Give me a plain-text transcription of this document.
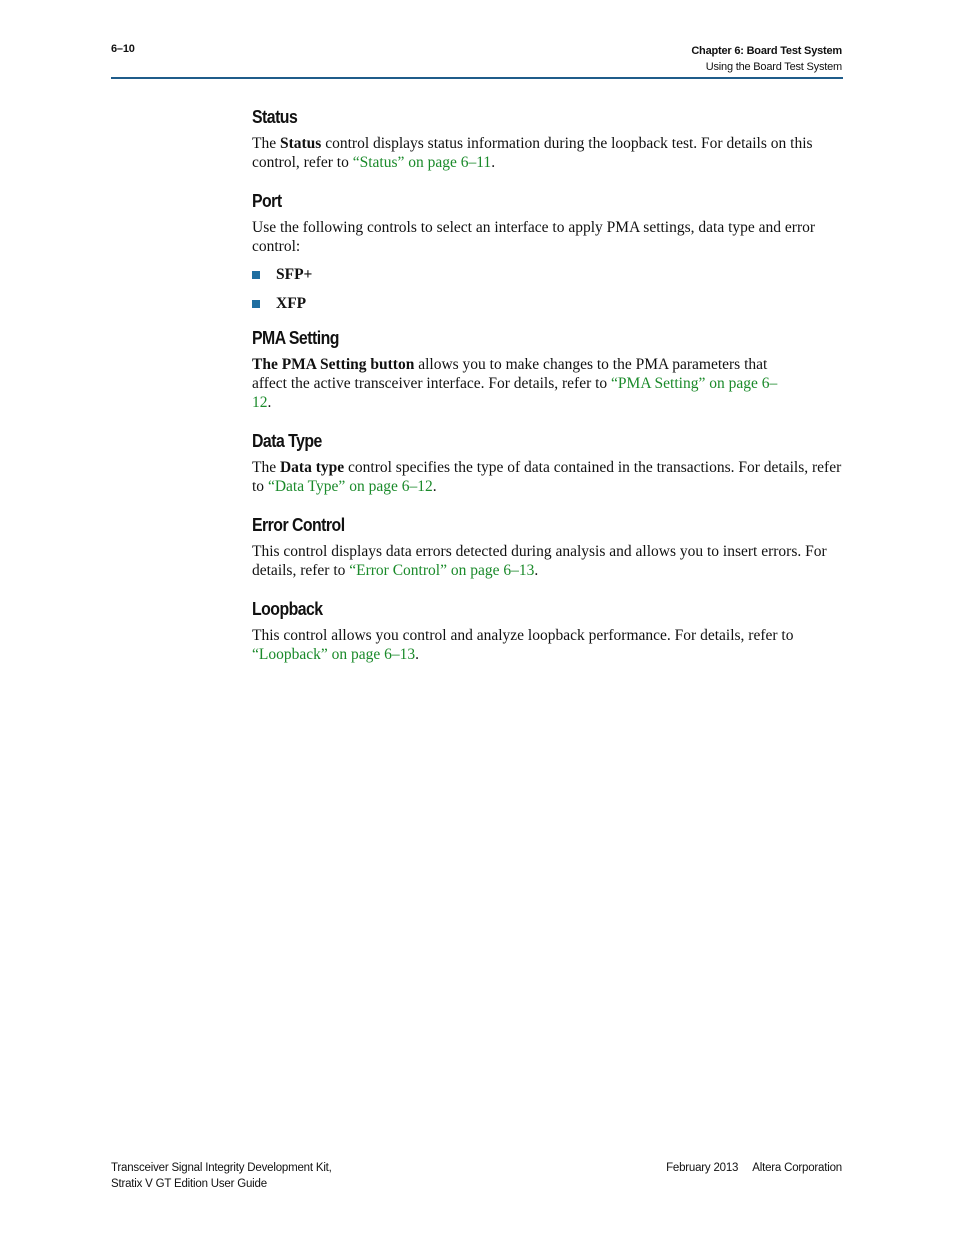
6–10	Chapter 6: Board Test System
Using the Board Test System
Status

The Status control displays status information during the loopback test. For details on this control, refer to “Status” on page 6–11.

Port

Use the following controls to select an interface to apply PMA settings, data type and error control:

SFP+
XFP
PMA Setting

The PMA Setting button allows you to make changes to the PMA parameters that affect the active transceiver interface. For details, refer to “PMA Setting” on page 6–12.

Data Type

The Data type control specifies the type of data contained in the transactions. For details, refer to “Data Type” on page 6–12.

Error Control

This control displays data errors detected during analysis and allows you to insert errors. For details, refer to “Error Control” on page 6–13.

Loopback

This control allows you control and analyze loopback performance. For details, refer to “Loopback” on page 6–13.

Transceiver Signal Integrity Development Kit,
Stratix V GT Edition User Guide
February 2013 Altera Corporation
